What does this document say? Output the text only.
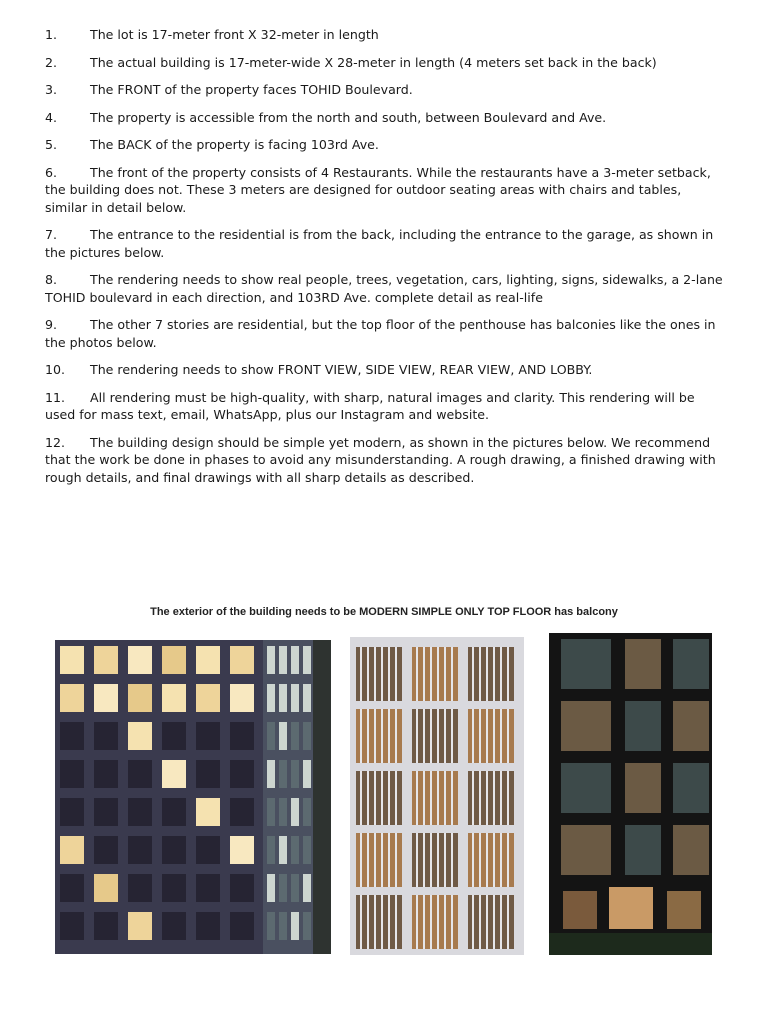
1.	The lot is 17-meter front X 32-meter in length
2.	The actual building is 17-meter-wide X 28-meter in length (4 meters set back in the back)
3.	The FRONT of the property faces TOHID Boulevard.
4.	The property is accessible from the north and south, between Boulevard and Ave.
5.	The BACK of the property is facing 103rd Ave.
6.	The front of the property consists of 4 Restaurants. While the restaurants have a 3-meter setback, the building does not. These 3 meters are designed for outdoor seating areas with chairs and tables, similar in detail below.
7.	The entrance to the residential is from the back, including the entrance to the garage, as shown in the pictures below.
8.	The rendering needs to show real people, trees, vegetation, cars, lighting, signs, sidewalks, a 2-lane TOHID boulevard in each direction, and 103RD Ave. complete detail as real-life
9.	The other 7 stories are residential, but the top floor of the penthouse has balconies like the ones in the photos below.
10. The rendering needs to show FRONT VIEW, SIDE VIEW, REAR VIEW, AND LOBBY.
11. All rendering must be high-quality, with sharp, natural images and clarity. This rendering will be used for mass text, email, WhatsApp, plus our Instagram and website.
12. The building design should be simple yet modern, as shown in the pictures below. We recommend that the work be done in phases to avoid any misunderstanding. A rough drawing, a finished drawing with rough details, and final drawings with all sharp details as described.
The exterior of the building needs to be MODERN SIMPLE ONLY TOP FLOOR has balcony
